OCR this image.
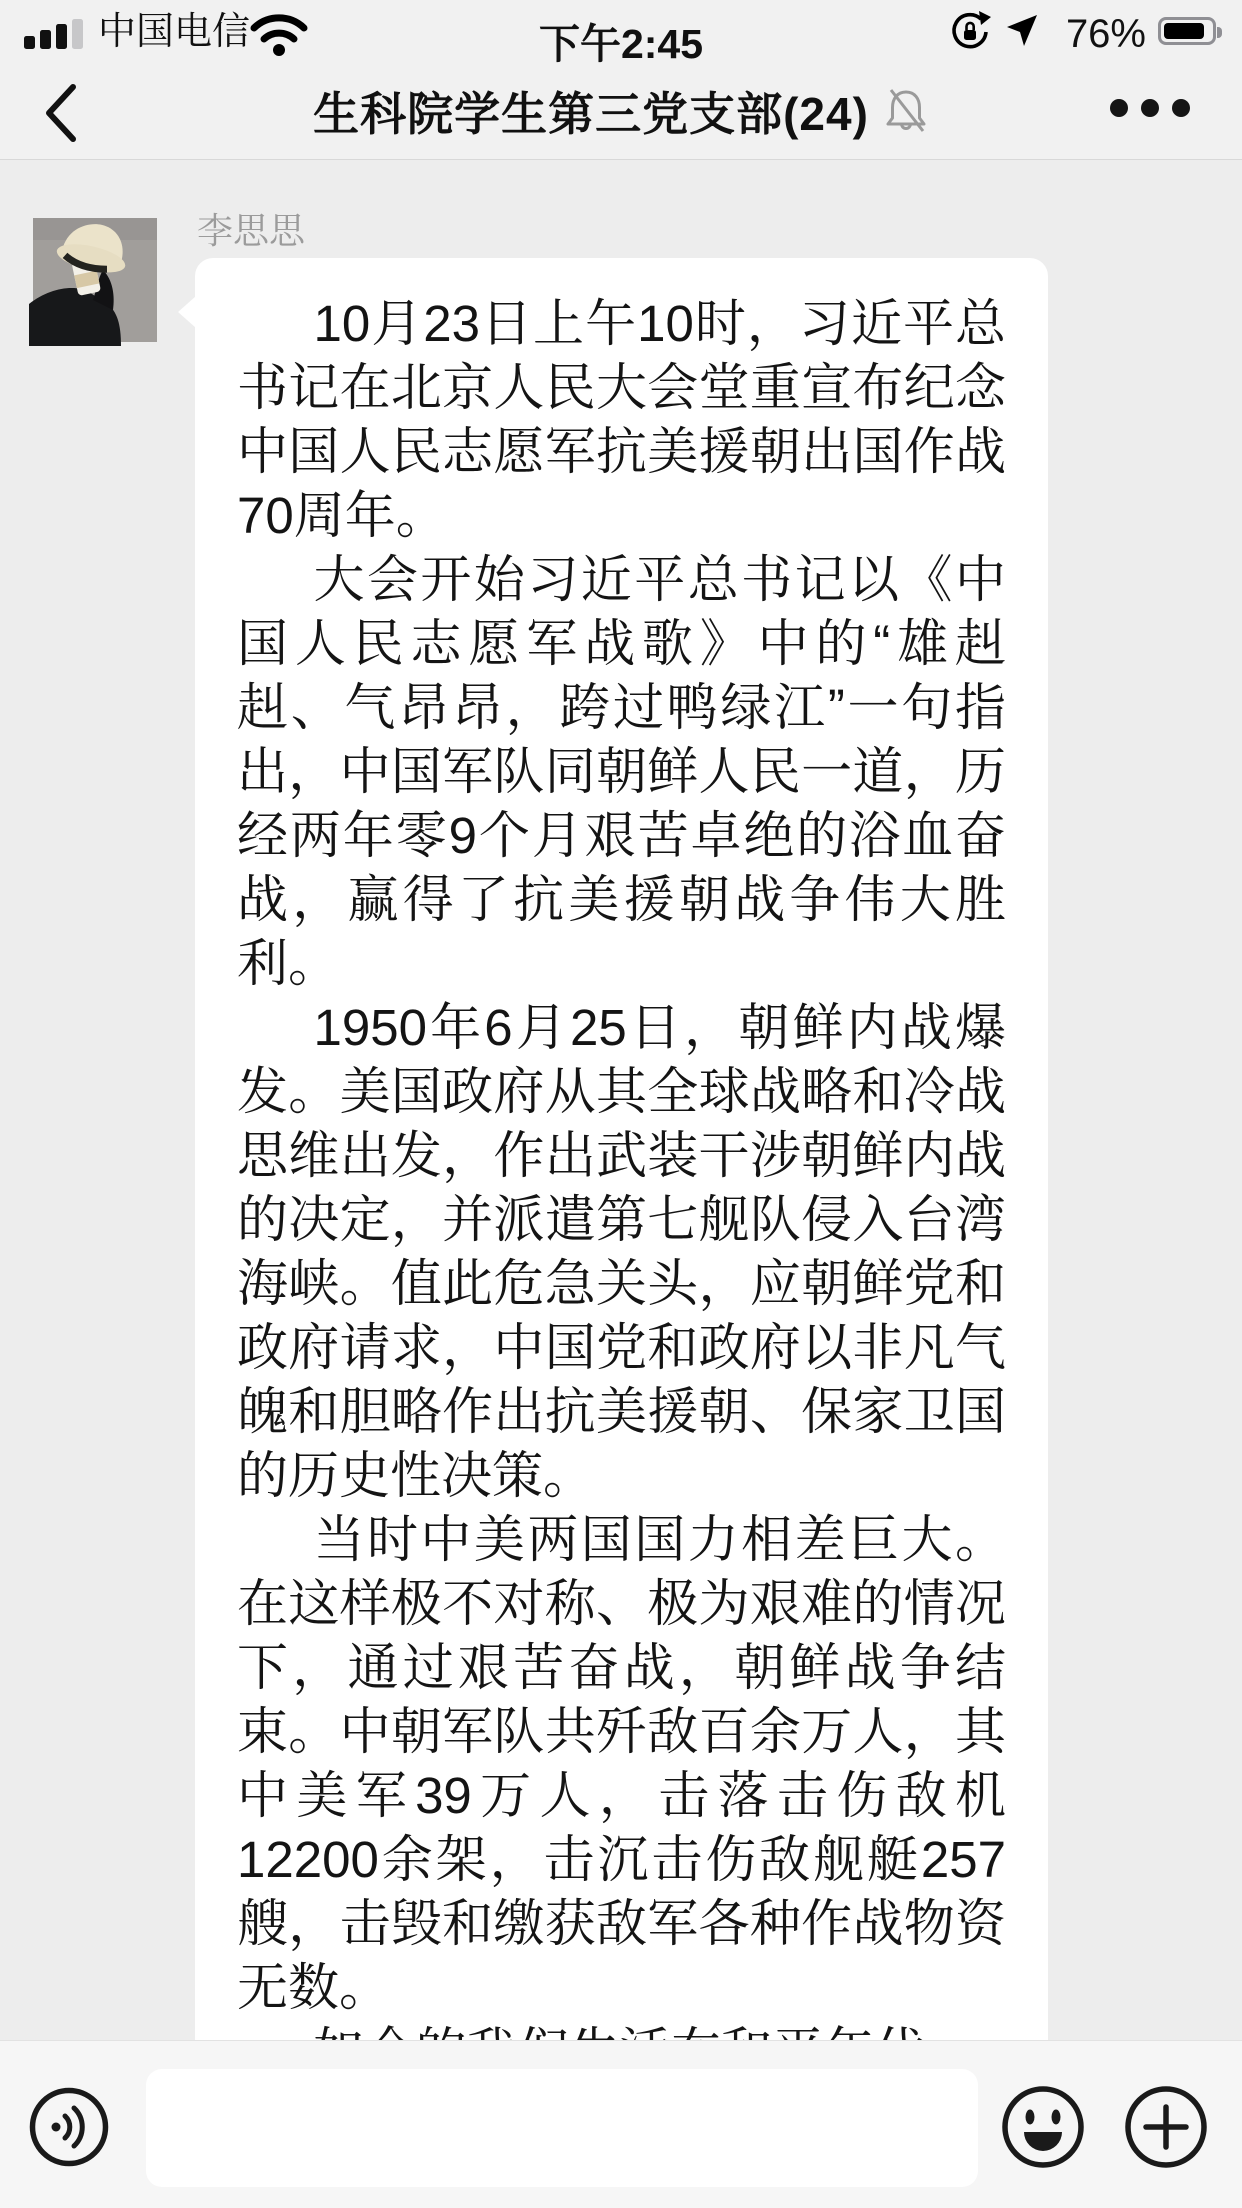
中国电信	下午2:45	76%
生科院学生第三党支部(24)
李思思

10月23日上午10时，习近平总书记在北京人民大会堂重宣布纪念中国人民志愿军抗美援朝出国作战70周年。

大会开始习近平总书记以《中国人民志愿军战歌》中的“雄赳赳、气昂昂，跨过鸭绿江”一句指出，中国军队同朝鲜人民一道，历经两年零9个月艰苦卓绝的浴血奋战，赢得了抗美援朝战争伟大胜利。

1950年6月25日，朝鲜内战爆发。美国政府从其全球战略和冷战思维出发，作出武装干涉朝鲜内战的决定，并派遣第七舰队侵入台湾海峡。值此危急关头，应朝鲜党和政府请求，中国党和政府以非凡气魄和胆略作出抗美援朝、保家卫国的历史性决策。

当时中美两国国力相差巨大。在这样极不对称、极为艰难的情况下，通过艰苦奋战，朝鲜战争结束。中朝军队共歼敌百余万人，其中美军39万人，击落击伤敌机12200余架，击沉击伤敌舰艇257艘，击毁和缴获敌军各种作战物资无数。
